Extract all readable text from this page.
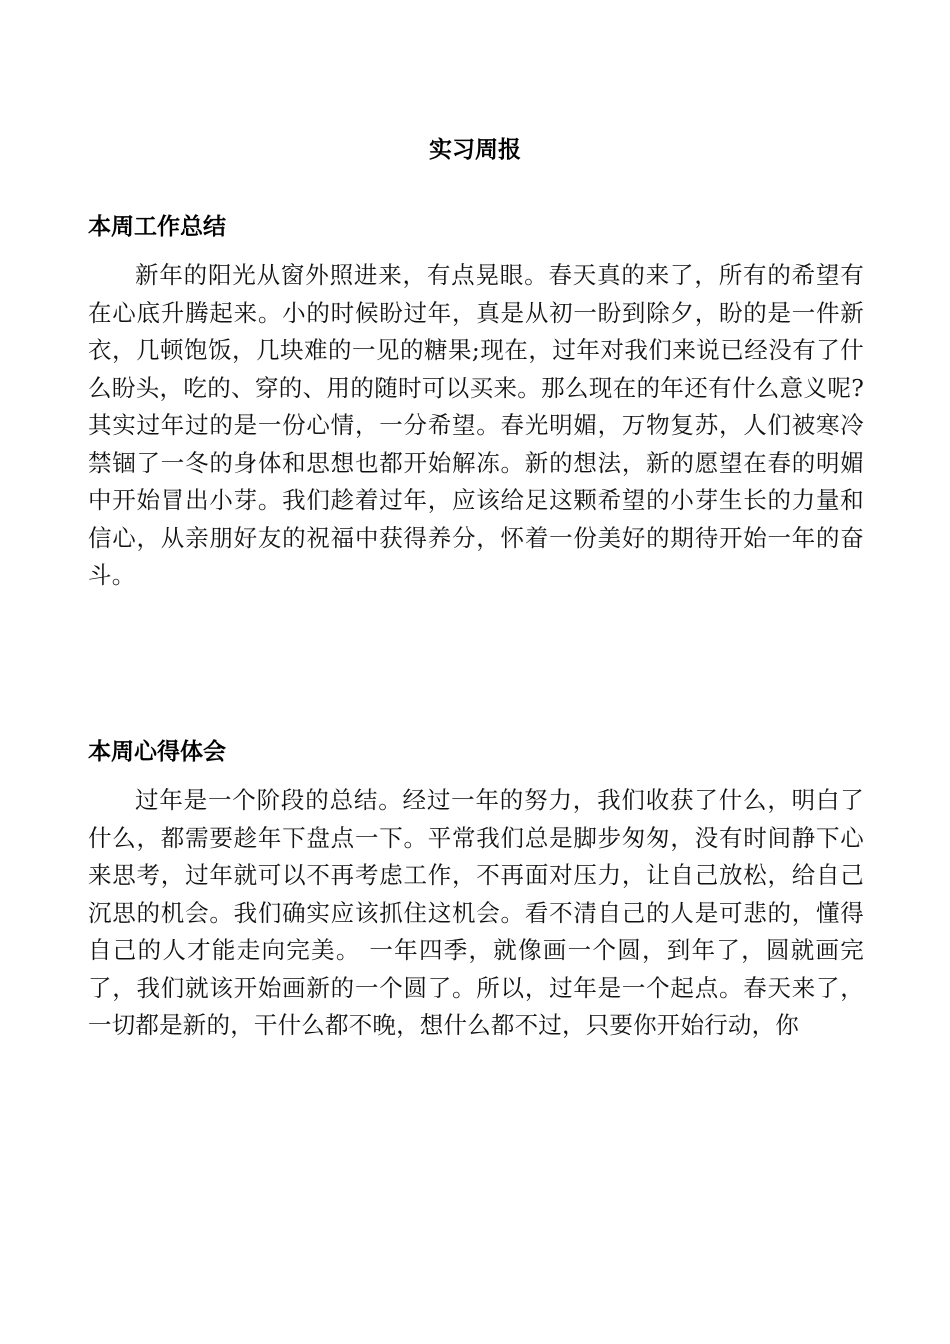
实习周报
本周工作总结

新年的阳光从窗外照进来，有点晃眼。春天真的来了，所有的希望有在心底升腾起来。小的时候盼过年，真是从初一盼到除夕，盼的是一件新衣，几顿饱饭，几块难的一见的糖果;现在，过年对我们来说已经没有了什么盼头，吃的、穿的、用的随时可以买来。那么现在的年还有什么意义呢?其实过年过的是一份心情，一分希望。春光明媚，万物复苏，人们被寒冷禁锢了一冬的身体和思想也都开始解冻。新的想法，新的愿望在春的明媚中开始冒出小芽。我们趁着过年，应该给足这颗希望的小芽生长的力量和信心，从亲朋好友的祝福中获得养分，怀着一份美好的期待开始一年的奋斗。

本周心得体会

过年是一个阶段的总结。经过一年的努力，我们收获了什么，明白了什么，都需要趁年下盘点一下。平常我们总是脚步匆匆，没有时间静下心来思考，过年就可以不再考虑工作，不再面对压力，让自己放松，给自己沉思的机会。我们确实应该抓住这机会。看不清自己的人是可悲的，懂得自己的人才能走向完美。 一年四季，就像画一个圆，到年了，圆就画完了，我们就该开始画新的一个圆了。所以，过年是一个起点。春天来了，一切都是新的，干什么都不晚，想什么都不过，只要你开始行动，你
